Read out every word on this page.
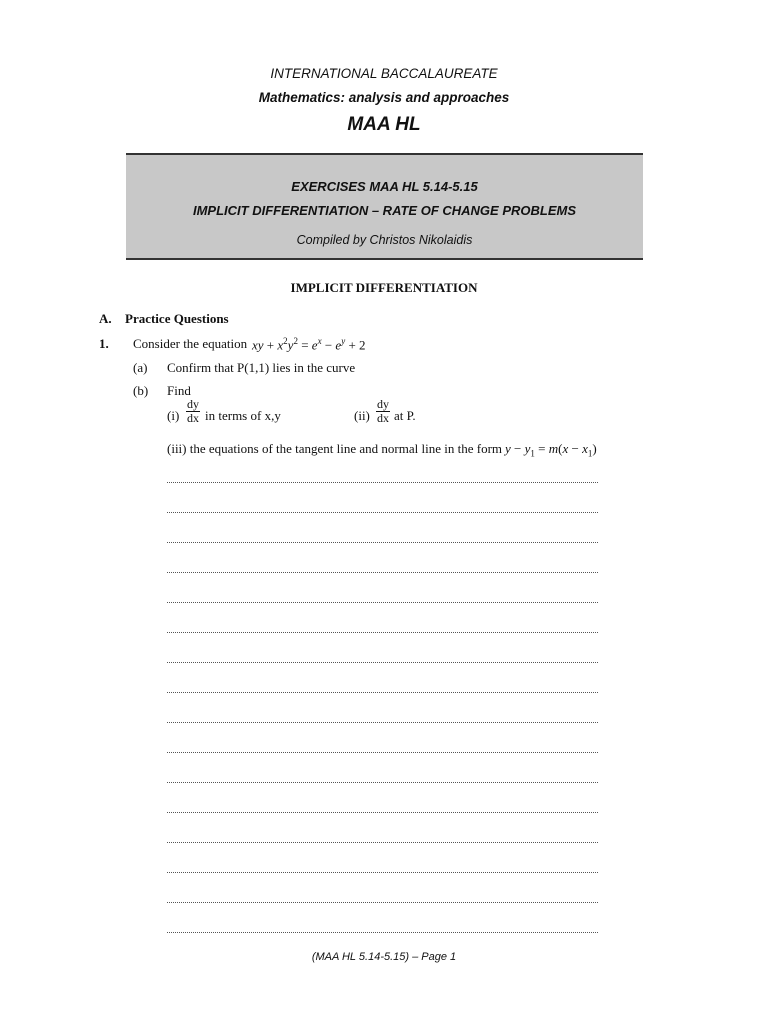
INTERNATIONAL BACCALAUREATE
Mathematics: analysis and approaches
MAA HL
EXERCISES MAA HL 5.14-5.15
IMPLICIT DIFFERENTIATION – RATE OF CHANGE PROBLEMS
Compiled by Christos Nikolaidis
IMPLICIT DIFFERENTIATION
A. Practice Questions
1. Consider the equation xy + $x^2y^2 = e^x - e^y + 2$
(a) Confirm that P(1,1) lies in the curve
(b) Find
$(i) \frac{dy}{dx}$ in terms of x,y	$(ii) \frac{dy}{dx}$ at P.
(iii) the equations of the tangent line and normal line in the form $y - y_1 = m(x - x_1)$
(MAA HL 5.14-5.15) – Page 1
